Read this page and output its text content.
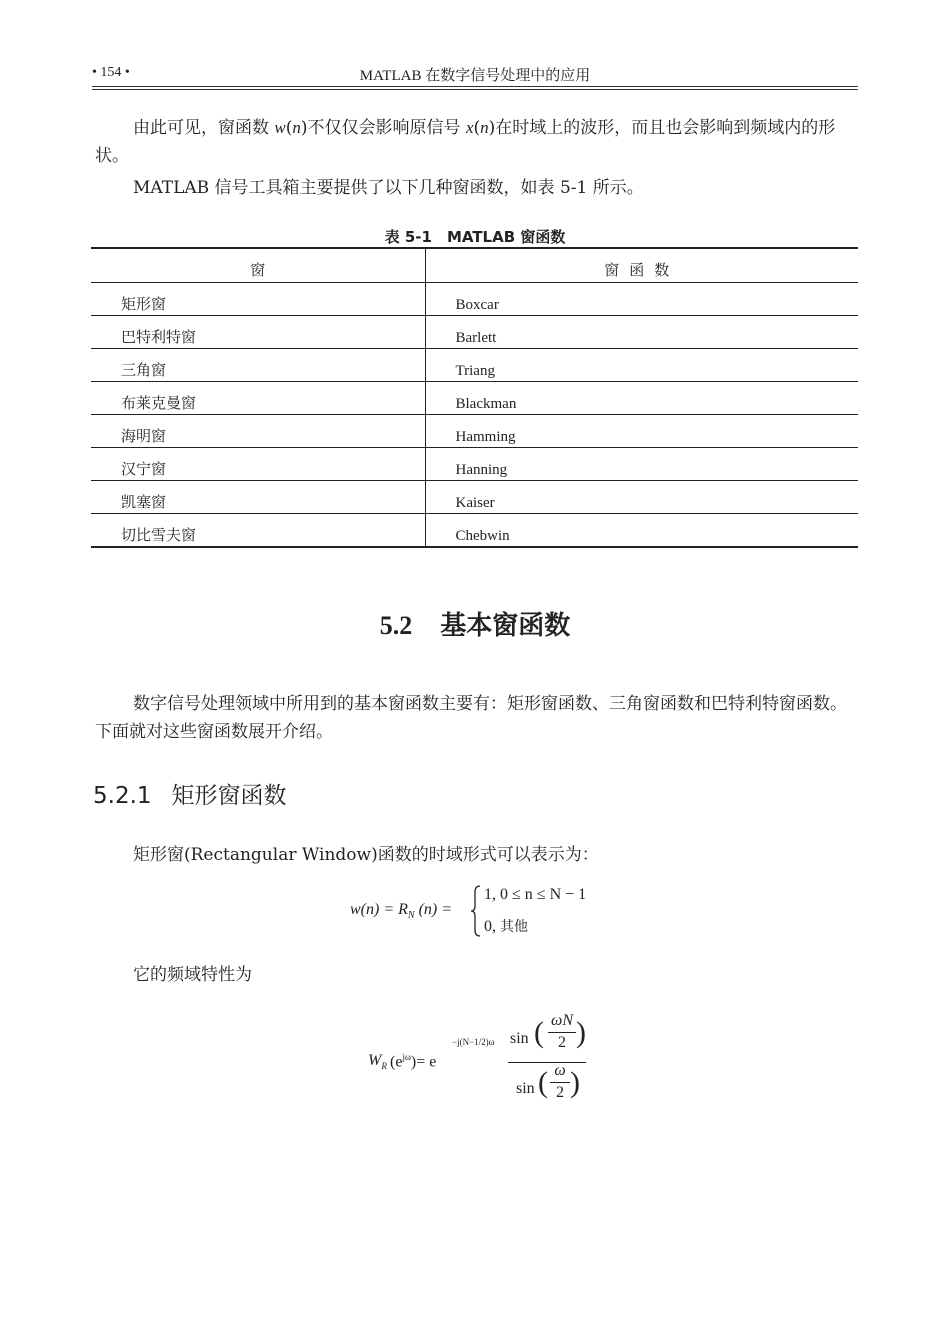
• 154 •	MATLAB 在数字信号处理中的应用

由此可见，窗函数 w(n)不仅仅会影响原信号 x(n)在时域上的波形，而且也会影响到频域内的形状。

MATLAB 信号工具箱主要提供了以下几种窗函数，如表 5-1 所示。

表 5-1　MATLAB 窗函数
窗	窗函数
矩形窗	Boxcar
巴特利特窗	Barlett
三角窗	Triang
布莱克曼窗	Blackman
海明窗	Hamming
汉宁窗	Hanning
凯塞窗	Kaiser
切比雪夫窗	Chebwin
5.2 基本窗函数

数字信号处理领域中所用到的基本窗函数主要有：矩形窗函数、三角窗函数和巴特利特窗函数。下面就对这些窗函数展开介绍。

5.2.1 矩形窗函数

矩形窗(Rectangular Window)函数的时域形式可以表示为：

$w(n) = R_N$ (n) =
1, 0 ≤ n ≤ N − 1
0, 其他

它的频域特性为

$W_R$ $(e^{j\omega})= e$
−j(N−1/2)ω sin ( ωN
2 )
sin ( ω
2 )
